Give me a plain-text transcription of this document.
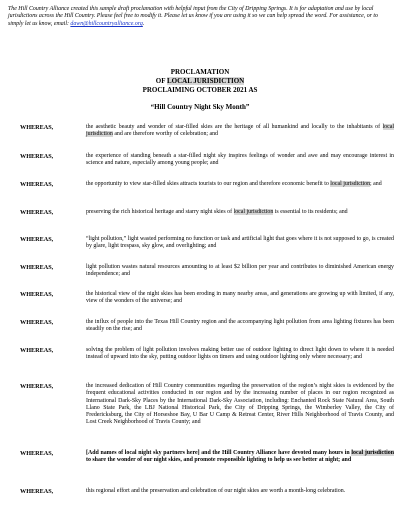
The Hill Country Alliance created this sample draft proclamation with helpful input from the City of Dripping Springs. It is for adaptation and use by local jurisdictions across the Hill Country. Please feel free to modify it. Please let us know if you are using it so we can help spread the word. For assistance, or to simply let us know, email: dawn@hillcountryalliance.org.

PROCLAMATION

OF LOCAL JURISDICTION

PROCLAIMING OCTOBER 2021 AS

“Hill Country Night Sky Month”

WHEREAS,	the aesthetic beauty and wonder of star-filled skies are the heritage of all humankind and locally to the inhabitants of local jurisdiction and are therefore worthy of celebration; and
WHEREAS,	the experience of standing beneath a star-filled night sky inspires feelings of wonder and awe and may encourage interest in science and nature, especially among young people; and
WHEREAS,	the opportunity to view star-filled skies attracts tourists to our region and therefore economic benefit to local jurisdiction; and
WHEREAS,	preserving the rich historical heritage and starry night skies of local jurisdiction is essential to its residents; and
WHEREAS,	“light pollution,” light wasted performing no function or task and artificial light that goes where it is not supposed to go, is created by glare, light trespass, sky glow, and overlighting; and
WHEREAS,	light pollution wastes natural resources amounting to at least $2 billion per year and contributes to diminished American energy independence; and
WHEREAS,	the historical view of the night skies has been eroding in many nearby areas, and generations are growing up with limited, if any, view of the wonders of the universe; and
WHEREAS,	the influx of people into the Texas Hill Country region and the accompanying light pollution from area lighting fixtures has been steadily on the rise; and
WHEREAS,	solving the problem of light pollution involves making better use of outdoor lighting to direct light down to where it is needed instead of upward into the sky, putting outdoor lights on timers and using outdoor lighting only where necessary; and
WHEREAS,	the increased dedication of Hill Country communities regarding the preservation of the region’s night skies is evidenced by the frequent educational activities conducted in our region and by the increasing number of places in our region recognized as International Dark-Sky Places by the International Dark-Sky Association, including: Enchanted Rock State Natural Area, South Llano State Park, the LBJ National Historical Park, the City of Dripping Springs, the Wimberley Valley, the City of Fredericksburg, the City of Horseshoe Bay, U Bar U Camp & Retreat Center, River Hills Neighborhood of Travis County, and Lost Creek Neighborhood of Travis County; and
WHEREAS,	[Add names of local night sky partners here] and the Hill Country Alliance have devoted many hours in local jurisdiction to share the wonder of our night skies, and promote responsible lighting to help us see better at night; and
WHEREAS,	this regional effort and the preservation and celebration of our night skies are worth a month-long celebration.
